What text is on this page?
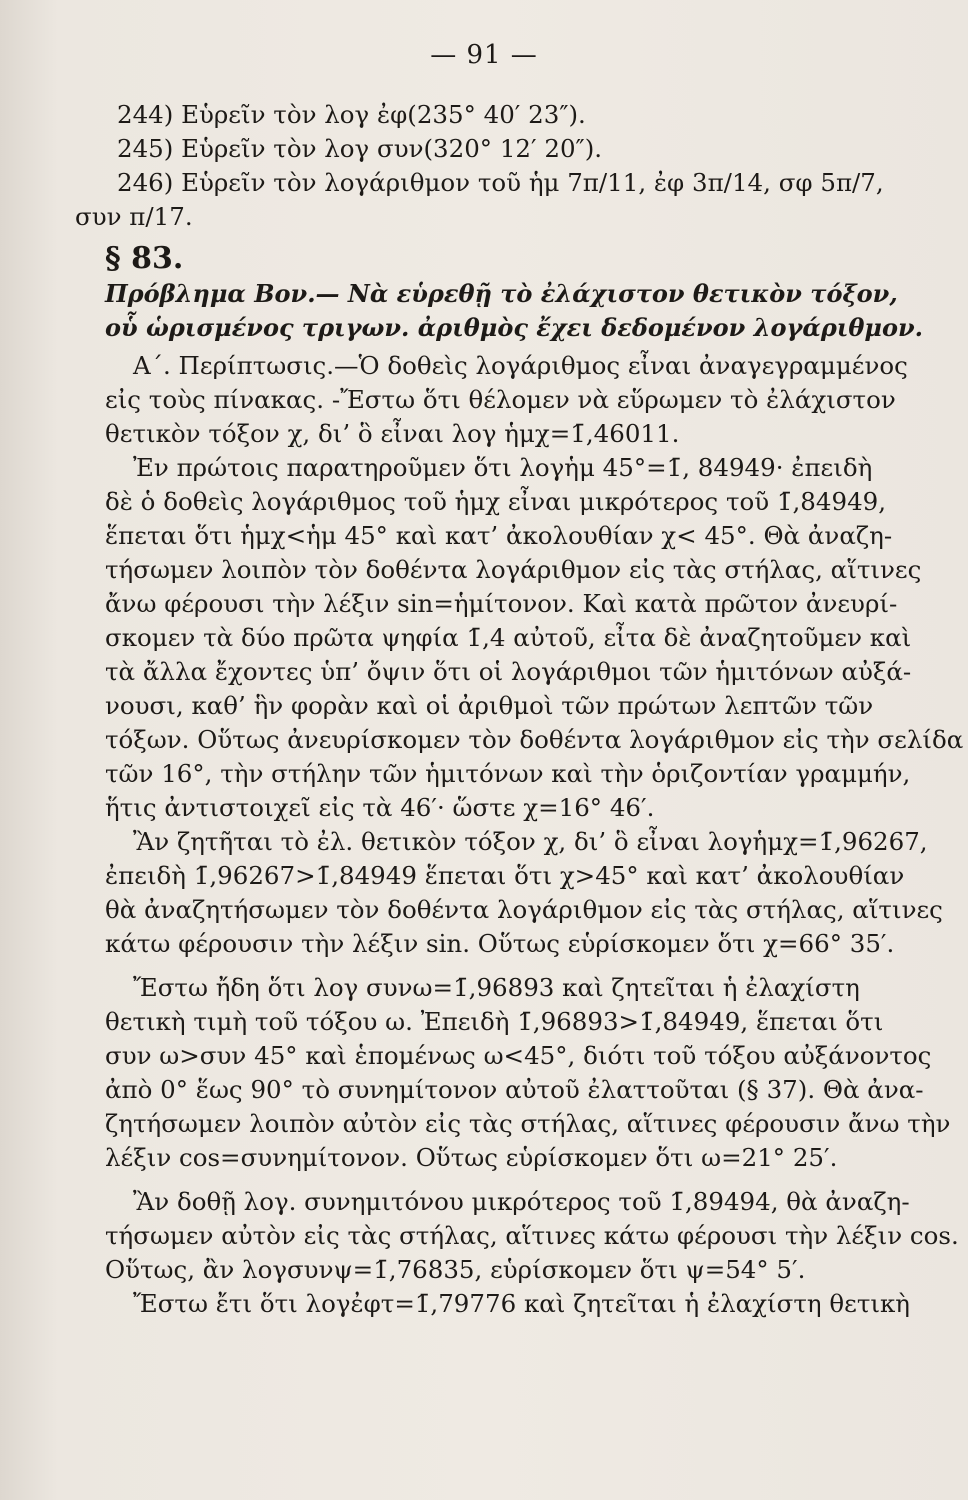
— 91 —

244) Εὑρεῖν τὸν λογ ἐφ(235° 40′ 23″).

245) Εὑρεῖν τὸν λογ συν(320° 12′ 20″).

246) Εὑρεῖν τὸν λογάριθμον τοῦ ἡμ 7π/11, ἐφ 3π/14, σφ 5π/7,

συν π/17.

§ 83.

Πρόβλημα Βον.— Νὰ εὑρεθῇ τὸ ἐλάχιστον θετικὸν τόξον, οὗ ὡρισμένος τριγων. ἀριθμὸς ἔχει δεδομένον λογάριθμον.

Α΄. Περίπτωσις.—Ὁ δοθεὶς λογάριθμος εἶναι ἀναγεγραμμένος

εἰς τοὺς πίνακας. -Ἔστω ὅτι θέλομεν νὰ εὕρωμεν τὸ ἐλάχιστον

θετικὸν τόξον χ, δι’ ὃ εἶναι λογ ἡμχ=1̄,46011.

Ἐν πρώτοις παρατηροῦμεν ὅτι λογἡμ 45°=1̄, 84949· ἐπειδὴ

δὲ ὁ δοθεὶς λογάριθμος τοῦ ἡμχ εἶναι μικρότερος τοῦ 1̄,84949,

ἕπεται ὅτι ἡμχ<ἡμ 45° καὶ κατ’ ἀκολουθίαν χ< 45°. Θὰ ἀναζη-

τήσωμεν λοιπὸν τὸν δοθέντα λογάριθμον εἰς τὰς στήλας, αἵτινες

ἄνω φέρουσι τὴν λέξιν sin=ἡμίτονον. Καὶ κατὰ πρῶτον ἀνευρί-

σκομεν τὰ δύο πρῶτα ψηφία 1̄,4 αὐτοῦ, εἶτα δὲ ἀναζητοῦμεν καὶ

τὰ ἄλλα ἔχοντες ὑπ’ ὄψιν ὅτι οἱ λογάριθμοι τῶν ἡμιτόνων αὐξά-

νουσι, καθ’ ἣν φορὰν καὶ οἱ ἀριθμοὶ τῶν πρώτων λεπτῶν τῶν

τόξων. Οὕτως ἀνευρίσκομεν τὸν δοθέντα λογάριθμον εἰς τὴν σελίδα

τῶν 16°, τὴν στήλην τῶν ἡμιτόνων καὶ τὴν ὁριζοντίαν γραμμήν,

ἥτις ἀντιστοιχεῖ εἰς τὰ 46′· ὥστε χ=16° 46′.

Ἂν ζητῆται τὸ ἐλ. θετικὸν τόξον χ, δι’ ὃ εἶναι λογἡμχ=1̄,96267,

ἐπειδὴ 1̄,96267>1̄,84949 ἕπεται ὅτι χ>45° καὶ κατ’ ἀκολουθίαν

θὰ ἀναζητήσωμεν τὸν δοθέντα λογάριθμον εἰς τὰς στήλας, αἵτινες

κάτω φέρουσιν τὴν λέξιν sin. Οὕτως εὑρίσκομεν ὅτι χ=66° 35′.

Ἔστω ἤδη ὅτι λογ συνω=1̄,96893 καὶ ζητεῖται ἡ ἐλαχίστη

θετικὴ τιμὴ τοῦ τόξου ω. Ἐπειδὴ 1̄,96893>1̄,84949, ἕπεται ὅτι

συν ω>συν 45° καὶ ἑπομένως ω<45°, διότι τοῦ τόξου αὐξάνοντος

ἀπὸ 0° ἕως 90° τὸ συνημίτονον αὐτοῦ ἐλαττοῦται (§ 37). Θὰ ἀνα-

ζητήσωμεν λοιπὸν αὐτὸν εἰς τὰς στήλας, αἵτινες φέρουσιν ἄνω τὴν

λέξιν cos=συνημίτονον. Οὕτως εὑρίσκομεν ὅτι ω=21° 25′.

Ἂν δοθῇ λογ. συνημιτόνου μικρότερος τοῦ 1̄,89494, θὰ ἀναζη-

τήσωμεν αὐτὸν εἰς τὰς στήλας, αἵτινες κάτω φέρουσι τὴν λέξιν cos.

Οὕτως, ἂν λογσυνψ=1̄,76835, εὑρίσκομεν ὅτι ψ=54° 5′.

Ἔστω ἔτι ὅτι λογἐφτ=1̄,79776 καὶ ζητεῖται ἡ ἐλαχίστη θετικὴ
